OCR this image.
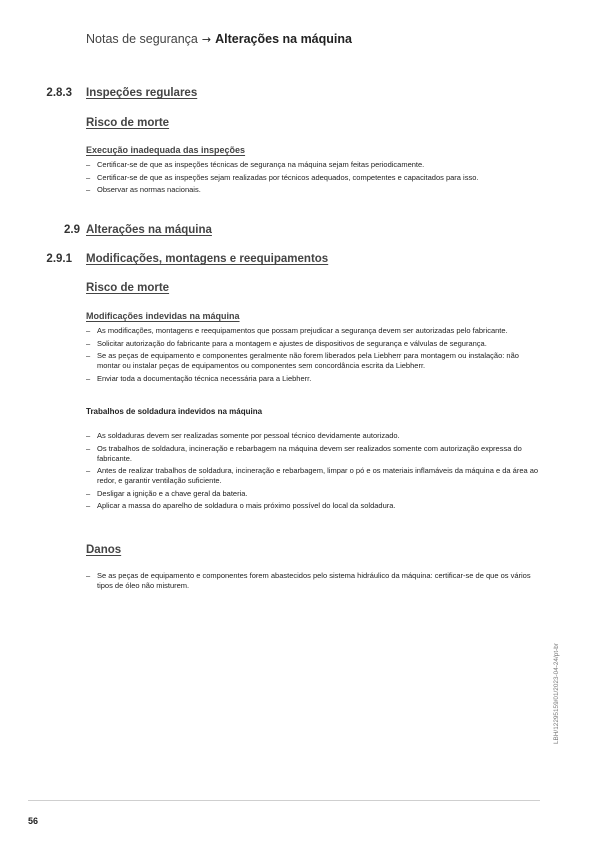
Notas de segurança → Alterações na máquina
2.8.3 Inspeções regulares
Risco de morte
Execução inadequada das inspeções
– Certificar-se de que as inspeções técnicas de segurança na máquina sejam feitas periodicamente.
– Certificar-se de que as inspeções sejam realizadas por técnicos adequados, competentes e capacitados para isso.
– Observar as normas nacionais.
2.9 Alterações na máquina
2.9.1 Modificações, montagens e reequipamentos
Risco de morte
Modificações indevidas na máquina
– As modificações, montagens e reequipamentos que possam prejudicar a segurança devem ser autorizadas pelo fabricante.
– Solicitar autorização do fabricante para a montagem e ajustes de dispositivos de segurança e válvulas de segurança.
– Se as peças de equipamento e componentes geralmente não forem liberados pela Liebherr para montagem ou instalação: não montar ou instalar peças de equipamentos ou componentes sem concordância escrita da Liebherr.
– Enviar toda a documentação técnica necessária para a Liebherr.
Trabalhos de soldadura indevidos na máquina
– As soldaduras devem ser realizadas somente por pessoal técnico devidamente autorizado.
– Os trabalhos de soldadura, incineração e rebarbagem na máquina devem ser realizados somente com autorização expressa do fabricante.
– Antes de realizar trabalhos de soldadura, incineração e rebarbagem, limpar o pó e os materiais inflamáveis da máquina e da área ao redor, e garantir ventilação suficiente.
– Desligar a ignição e a chave geral da bateria.
– Aplicar a massa do aparelho de soldadura o mais próximo possível do local da soldadura.
Danos
– Se as peças de equipamento e componentes forem abastecidos pelo sistema hidráulico da máquina: certificar-se de que os vários tipos de óleo não misturem.
LBH/12295159/01/2023-04-24/pt-br
56
